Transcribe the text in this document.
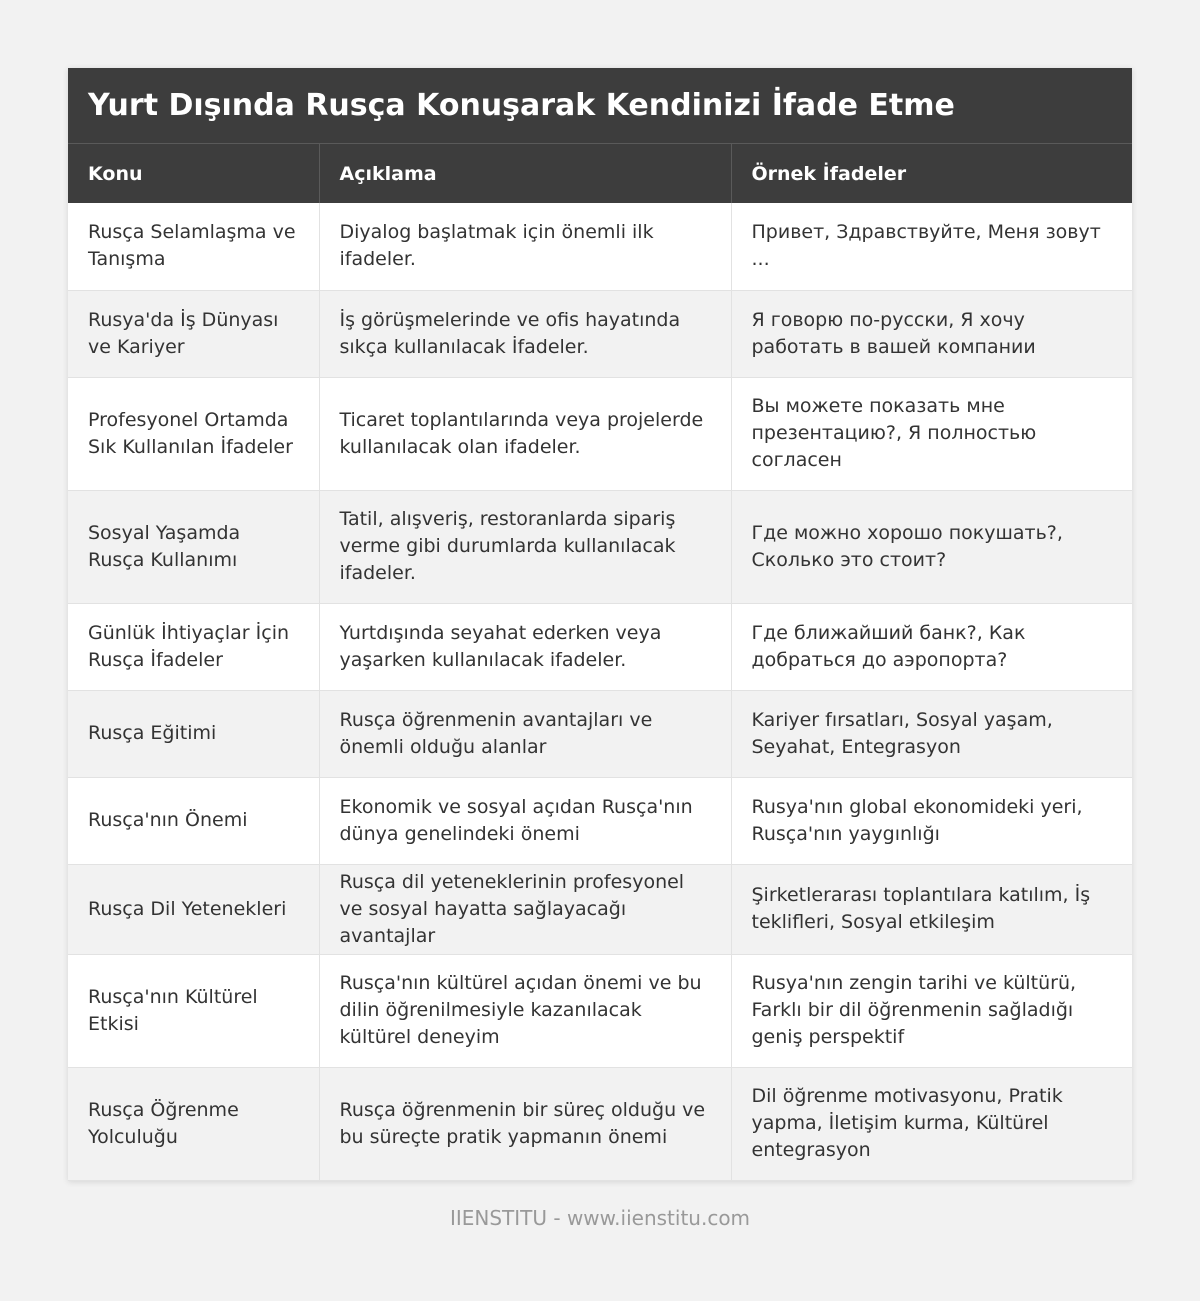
Yurt Dışında Rusça Konuşarak Kendinizi İfade Etme
Konu	Açıklama	Örnek İfadeler
Rusça Selamlaşma ve Tanışma	Diyalog başlatmak için önemli ilk ifadeler.	Привет, Здравствуйте, Меня зовут ...
Rusya'da İş Dünyası ve Kariyer	İş görüşmelerinde ve ofis hayatında sıkça kullanılacak İfadeler.	Я говорю по-русски, Я хочу работать в вашей компании
Profesyonel Ortamda Sık Kullanılan İfadeler	Ticaret toplantılarında veya projelerde kullanılacak olan ifadeler.	Вы можете показать мне презентацию?, Я полностью согласен
Sosyal Yaşamda Rusça Kullanımı	Tatil, alışveriş, restoranlarda sipariş verme gibi durumlarda kullanılacak ifadeler.	Где можно хорошо покушать?, Сколько это стоит?
Günlük İhtiyaçlar İçin Rusça İfadeler	Yurtdışında seyahat ederken veya yaşarken kullanılacak ifadeler.	Где ближайший банк?, Как добраться до аэропорта?
Rusça Eğitimi	Rusça öğrenmenin avantajları ve önemli olduğu alanlar	Kariyer fırsatları, Sosyal yaşam, Seyahat, Entegrasyon
Rusça'nın Önemi	Ekonomik ve sosyal açıdan Rusça'nın dünya genelindeki önemi	Rusya'nın global ekonomideki yeri, Rusça'nın yaygınlığı
Rusça Dil Yetenekleri	Rusça dil yeteneklerinin profesyonel ve sosyal hayatta sağlayacağı avantajlar	Şirketlerarası toplantılara katılım, İş teklifleri, Sosyal etkileşim
Rusça'nın Kültürel Etkisi	Rusça'nın kültürel açıdan önemi ve bu dilin öğrenilmesiyle kazanılacak kültürel deneyim	Rusya'nın zengin tarihi ve kültürü, Farklı bir dil öğrenmenin sağladığı geniş perspektif
Rusça Öğrenme Yolculuğu	Rusça öğrenmenin bir süreç olduğu ve bu süreçte pratik yapmanın önemi	Dil öğrenme motivasyonu, Pratik yapma, İletişim kurma, Kültürel entegrasyon
IIENSTITU - www.iienstitu.com
